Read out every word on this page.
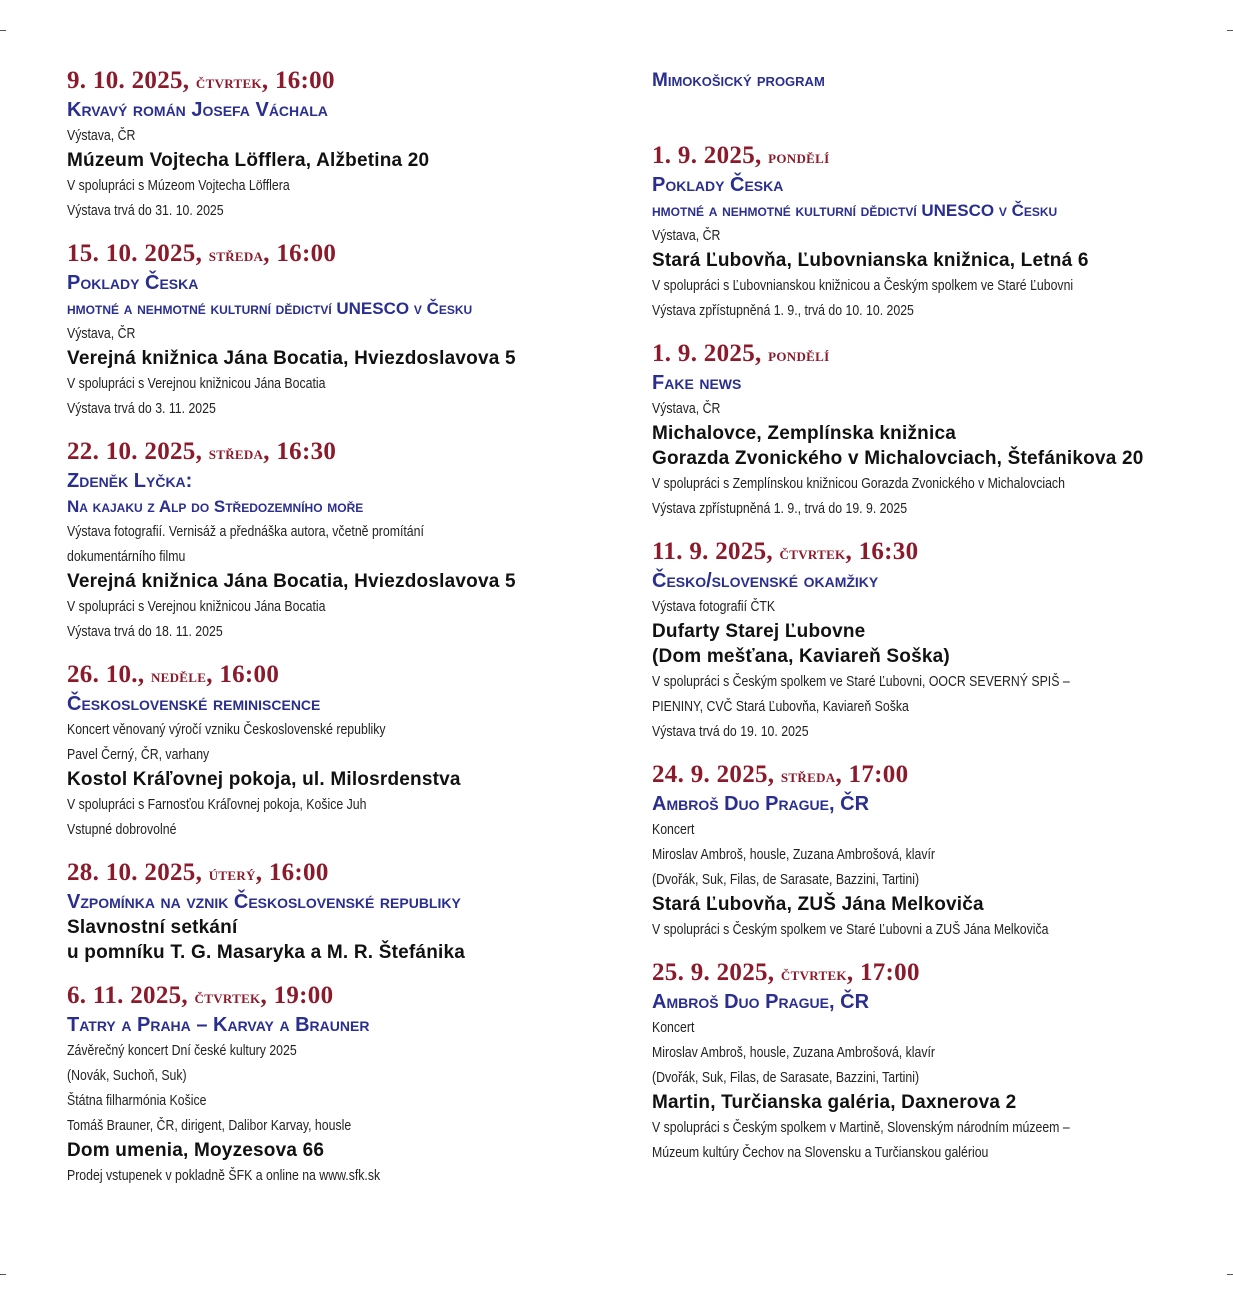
9. 10. 2025, čtvrtek, 16:00
Krvavý román Josefa Váchala
Výstava, ČR
Múzeum Vojtecha Löfflera, Alžbetina 20
V spolupráci s Múzeom Vojtecha Löfflera
Výstava trvá do 31. 10. 2025
15. 10. 2025, středa, 16:00
Poklady Česka
hmotné a nehmotné kulturní dědictví UNESCO v Česku
Výstava, ČR
Verejná knižnica Jána Bocatia, Hviezdoslavova 5
V spolupráci s Verejnou knižnicou Jána Bocatia
Výstava trvá do 3. 11. 2025
22. 10. 2025, středa, 16:30
Zdeněk Lyčka:
Na kajaku z Alp do Středozemního moře
Výstava fotografií. Vernisáž a přednáška autora, včetně promítání
dokumentárního filmu
Verejná knižnica Jána Bocatia, Hviezdoslavova 5
V spolupráci s Verejnou knižnicou Jána Bocatia
Výstava trvá do 18. 11. 2025
26. 10., neděle, 16:00
Československé reminiscence
Koncert věnovaný výročí vzniku Československé republiky
Pavel Černý, ČR, varhany
Kostol Kráľovnej pokoja, ul. Milosrdenstva
V spolupráci s Farnosťou Kráľovnej pokoja, Košice Juh
Vstupné dobrovolné
28. 10. 2025, úterý, 16:00
Vzpomínka na vznik Československé republiky
Slavnostní setkání
u pomníku T. G. Masaryka a M. R. Štefánika
6. 11. 2025, čtvrtek, 19:00
Tatry a Praha – Karvay a Brauner
Závěrečný koncert Dní české kultury 2025
(Novák, Suchoň, Suk)
Štátna filharmónia Košice
Tomáš Brauner, ČR, dirigent, Dalibor Karvay, housle
Dom umenia, Moyzesova 66
Prodej vstupenek v pokladně ŠFK a online na www.sfk.sk
Mimokošický program
1. 9. 2025, pondělí
Poklady Česka
hmotné a nehmotné kulturní dědictví UNESCO v Česku
Výstava, ČR
Stará Ľubovňa, Ľubovnianska knižnica, Letná 6
V spolupráci s Ľubovnianskou knižnicou a Českým spolkem ve Staré Ľubovni
Výstava zpřístupněná 1. 9., trvá do 10. 10. 2025
1. 9. 2025, pondělí
Fake news
Výstava, ČR
Michalovce, Zemplínska knižnica
Gorazda Zvonického v Michalovciach, Štefánikova 20
V spolupráci s Zemplínskou knižnicou Gorazda Zvonického v Michalovciach
Výstava zpřístupněná 1. 9., trvá do 19. 9. 2025
11. 9. 2025, čtvrtek, 16:30
Česko/slovenské okamžiky
Výstava fotografií ČTK
Dufarty Starej Ľubovne
(Dom mešťana, Kaviareň Soška)
V spolupráci s Českým spolkem ve Staré Ľubovni, OOCR SEVERNÝ SPIŠ –
PIENINY, CVČ Stará Ľubovňa, Kaviareň Soška
Výstava trvá do 19. 10. 2025
24. 9. 2025, středa, 17:00
Ambroš Duo Prague, ČR
Koncert
Miroslav Ambroš, housle, Zuzana Ambrošová, klavír
(Dvořák, Suk, Filas, de Sarasate, Bazzini, Tartini)
Stará Ľubovňa, ZUŠ Jána Melkoviča
V spolupráci s Českým spolkem ve Staré Ľubovni a ZUŠ Jána Melkoviča
25. 9. 2025, čtvrtek, 17:00
Ambroš Duo Prague, ČR
Koncert
Miroslav Ambroš, housle, Zuzana Ambrošová, klavír
(Dvořák, Suk, Filas, de Sarasate, Bazzini, Tartini)
Martin, Turčianska galéria, Daxnerova 2
V spolupráci s Českým spolkem v Martině, Slovenským národním múzeem –
Múzeum kultúry Čechov na Slovensku a Turčianskou galériou
